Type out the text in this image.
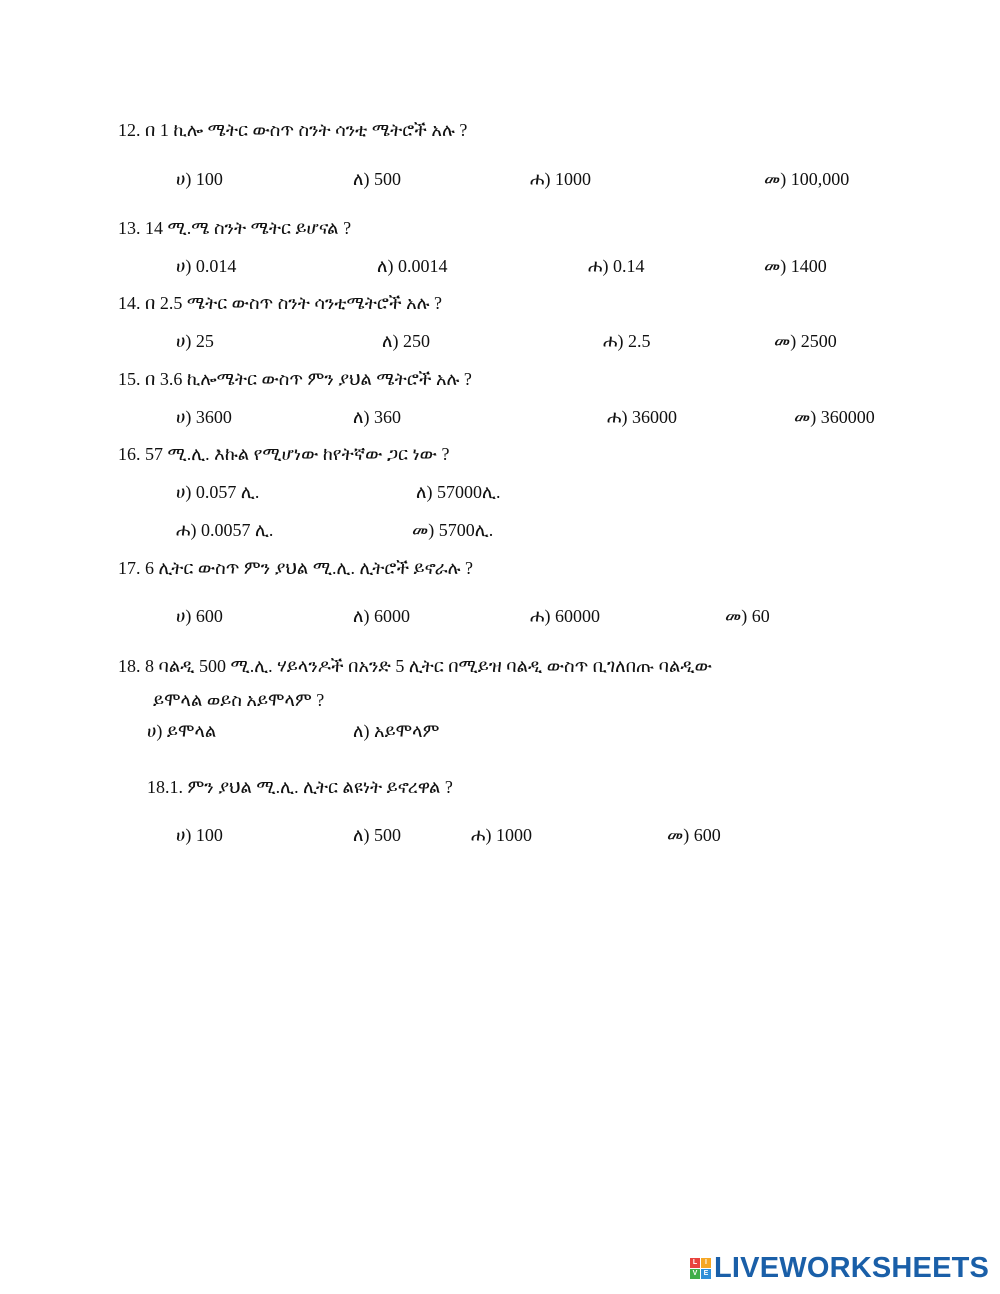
12. በ 1 ኪሎ ሜትር ውስጥ ስንት ሳንቲ ሜትሮች አሉ ?
ሀ) 100	ለ) 500	ሐ) 1000	መ) 100,000
13. 14 ሚ.ሜ ስንት ሜትር ይሆናል ?
ሀ) 0.014	ለ) 0.0014	ሐ) 0.14	መ) 1400
14. በ 2.5 ሜትር ውስጥ ስንት ሳንቲሜትሮች አሉ ?
ሀ) 25	ለ) 250	ሐ) 2.5	መ) 2500
15. በ 3.6 ኪሎሜትር ውስጥ ምን ያህል ሜትሮች አሉ ?
ሀ) 3600	ለ) 360	ሐ) 36000	መ) 360000
16. 57 ሚ.ሊ. እኩል የሚሆነው ከየትኛው ጋር ነው ?
ሀ) 0.057 ሊ.	ለ) 57000ሊ.
ሐ) 0.0057 ሊ.	መ) 5700ሊ.
17. 6 ሊትር ውስጥ ምን ያህል ሚ.ሊ. ሊትሮች ይኖራሉ ?
ሀ) 600	ለ) 6000	ሐ) 60000	መ) 60
18. 8 ባልዲ 500 ሚ.ሊ. ሃይላንዶች በአንድ 5 ሊትር በሚይዝ ባልዲ ውስጥ ቢገለበጡ ባልዲው
ይሞላል ወይስ አይሞላም ?
ሀ) ይሞላል	ለ) አይሞላም
18.1. ምን ያህል ሚ.ሊ. ሊትር ልዩነት ይኖረዋል ?
ሀ) 100	ለ) 500	ሐ) 1000	መ) 600
L	I
V E LIVEWORKSHEETS
